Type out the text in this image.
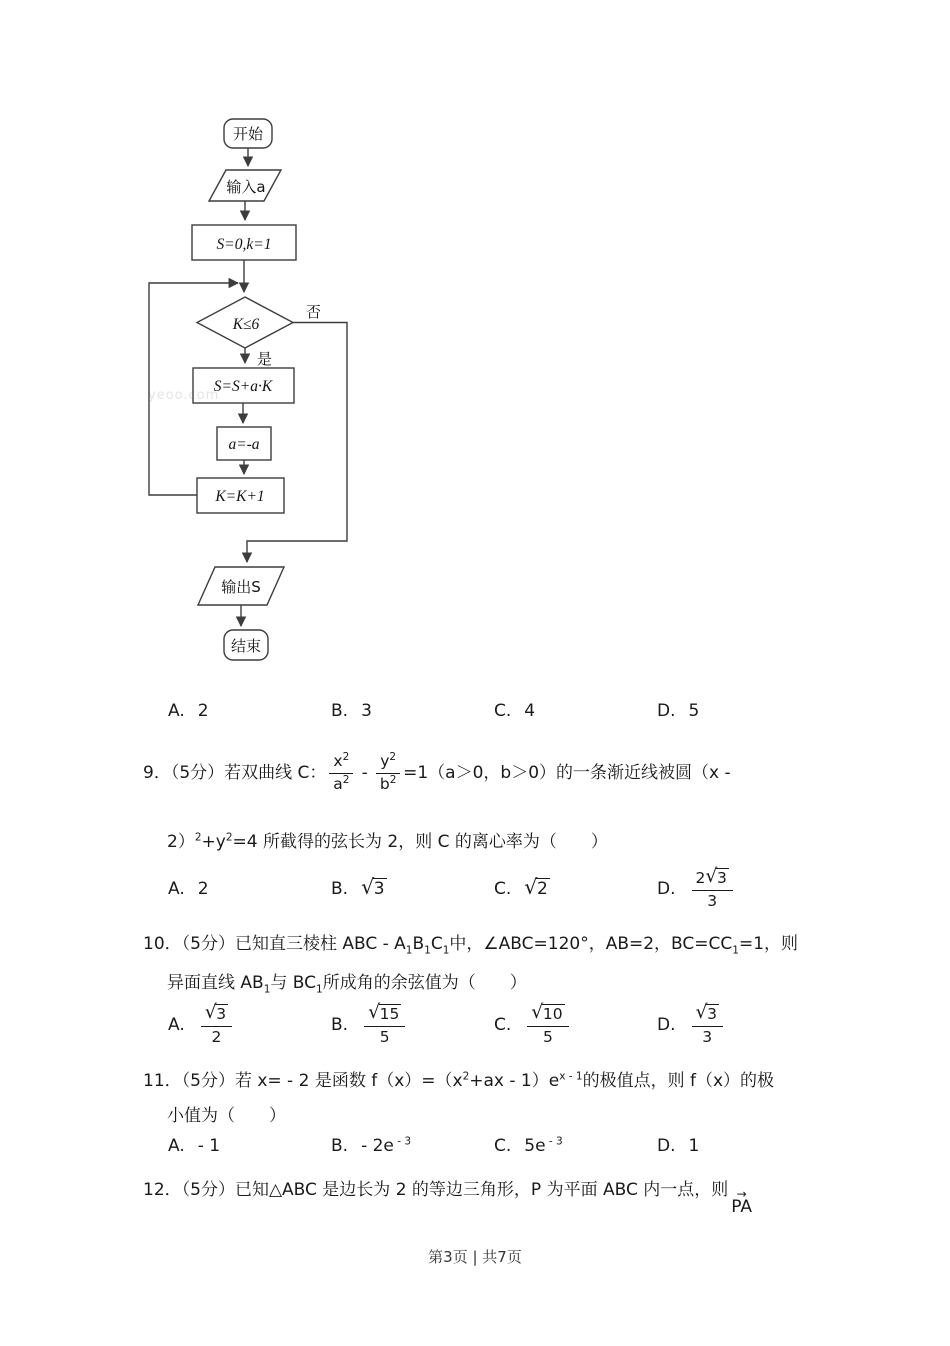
yeoo.com
开始
输入a
S=0,k=1
K≤6
否
是
S=S+a·K
a=-a
K=K+1
输出S
结束
A. 2	B. 3	C. 4	D. 5
9．（5分）若双曲线 C： $\frac{x^2}{a^2} - \frac{y^2}{b^2} =1(a>0$，b＞0）的一条渐近线被圆（x -
$2)^2+y^2=4$ 所截得的弦长为 2，则 C 的离心率为（　　）
A. 2	B. √ 3	C. √ 2	D. $\frac{2 √ 3}{3}$
10．（5分）已知直三棱柱 ABC - $A_1B_1C_1$中，∠ABC=120°，AB=2，$BC=CC_1=1$，则
异面直线 $AB_1$与 $BC_1$所成角的余弦值为（　　）
A. $\frac{√ 3}{2}$	B. $\frac{√ 15}{5}$	C. $\frac{√ 10}{5}$	D. $\frac{√ 3}{3}$
11．（5分）若 x= - 2 是函数 $f(x)=(x^2+ax - 1)e^{x - 1}$的极值点，则 f（x）的极
小值为（　　）
A. - 1	B. - 2e $^{- 3}$	C. 5e $^{- 3}$	D. 1
12．（5分）已知△ABC 是边长为 2 的等边三角形，P 为平面 ABC 内一点，则 →
PA
第3页 | 共7页
